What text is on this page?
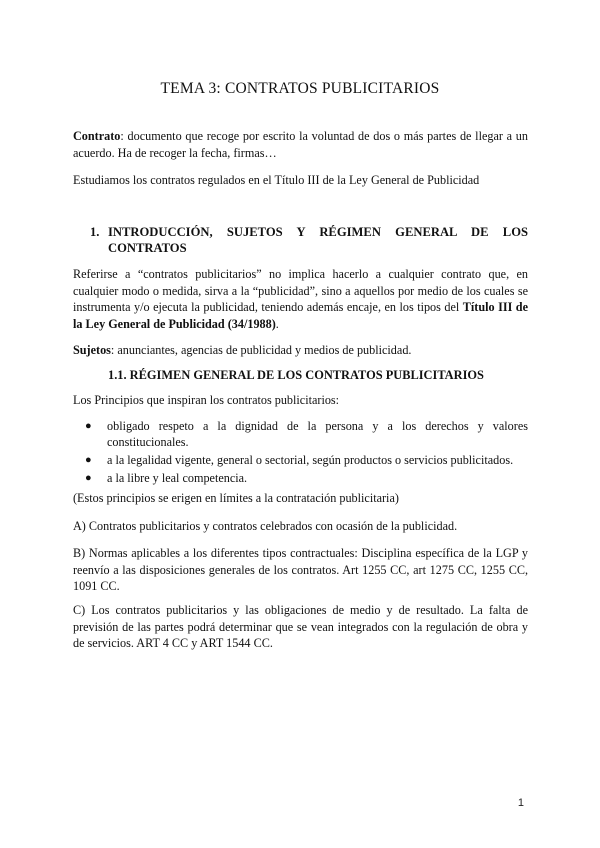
TEMA 3: CONTRATOS PUBLICITARIOS

Contrato: documento que recoge por escrito la voluntad de dos o más partes de llegar a un acuerdo. Ha de recoger la fecha, firmas…

Estudiamos los contratos regulados en el Título III de la Ley General de Publicidad

1. INTRODUCCIÓN, SUJETOS Y RÉGIMEN GENERAL DE LOS CONTRATOS

Referirse a “contratos publicitarios” no implica hacerlo a cualquier contrato que, en cualquier modo o medida, sirva a la “publicidad”, sino a aquellos por medio de los cuales se instrumenta y/o ejecuta la publicidad, teniendo además encaje, en los tipos del Título III de la Ley General de Publicidad (34/1988).

Sujetos: anunciantes, agencias de publicidad y medios de publicidad.

1.1. RÉGIMEN GENERAL DE LOS CONTRATOS PUBLICITARIOS

Los Principios que inspiran los contratos publicitarios:

● obligado respeto a la dignidad de la persona y a los derechos y valores constitucionales.
● a la legalidad vigente, general o sectorial, según productos o servicios publicitados.
● a la libre y leal competencia.

(Estos principios se erigen en límites a la contratación publicitaria)

A) Contratos publicitarios y contratos celebrados con ocasión de la publicidad.

B) Normas aplicables a los diferentes tipos contractuales: Disciplina específica de la LGP y reenvío a las disposiciones generales de los contratos. Art 1255 CC, art 1275 CC, 1255 CC, 1091 CC.

C) Los contratos publicitarios y las obligaciones de medio y de resultado. La falta de previsión de las partes podrá determinar que se vean integrados con la regulación de obra y de servicios. ART 4 CC y ART 1544 CC.

1
